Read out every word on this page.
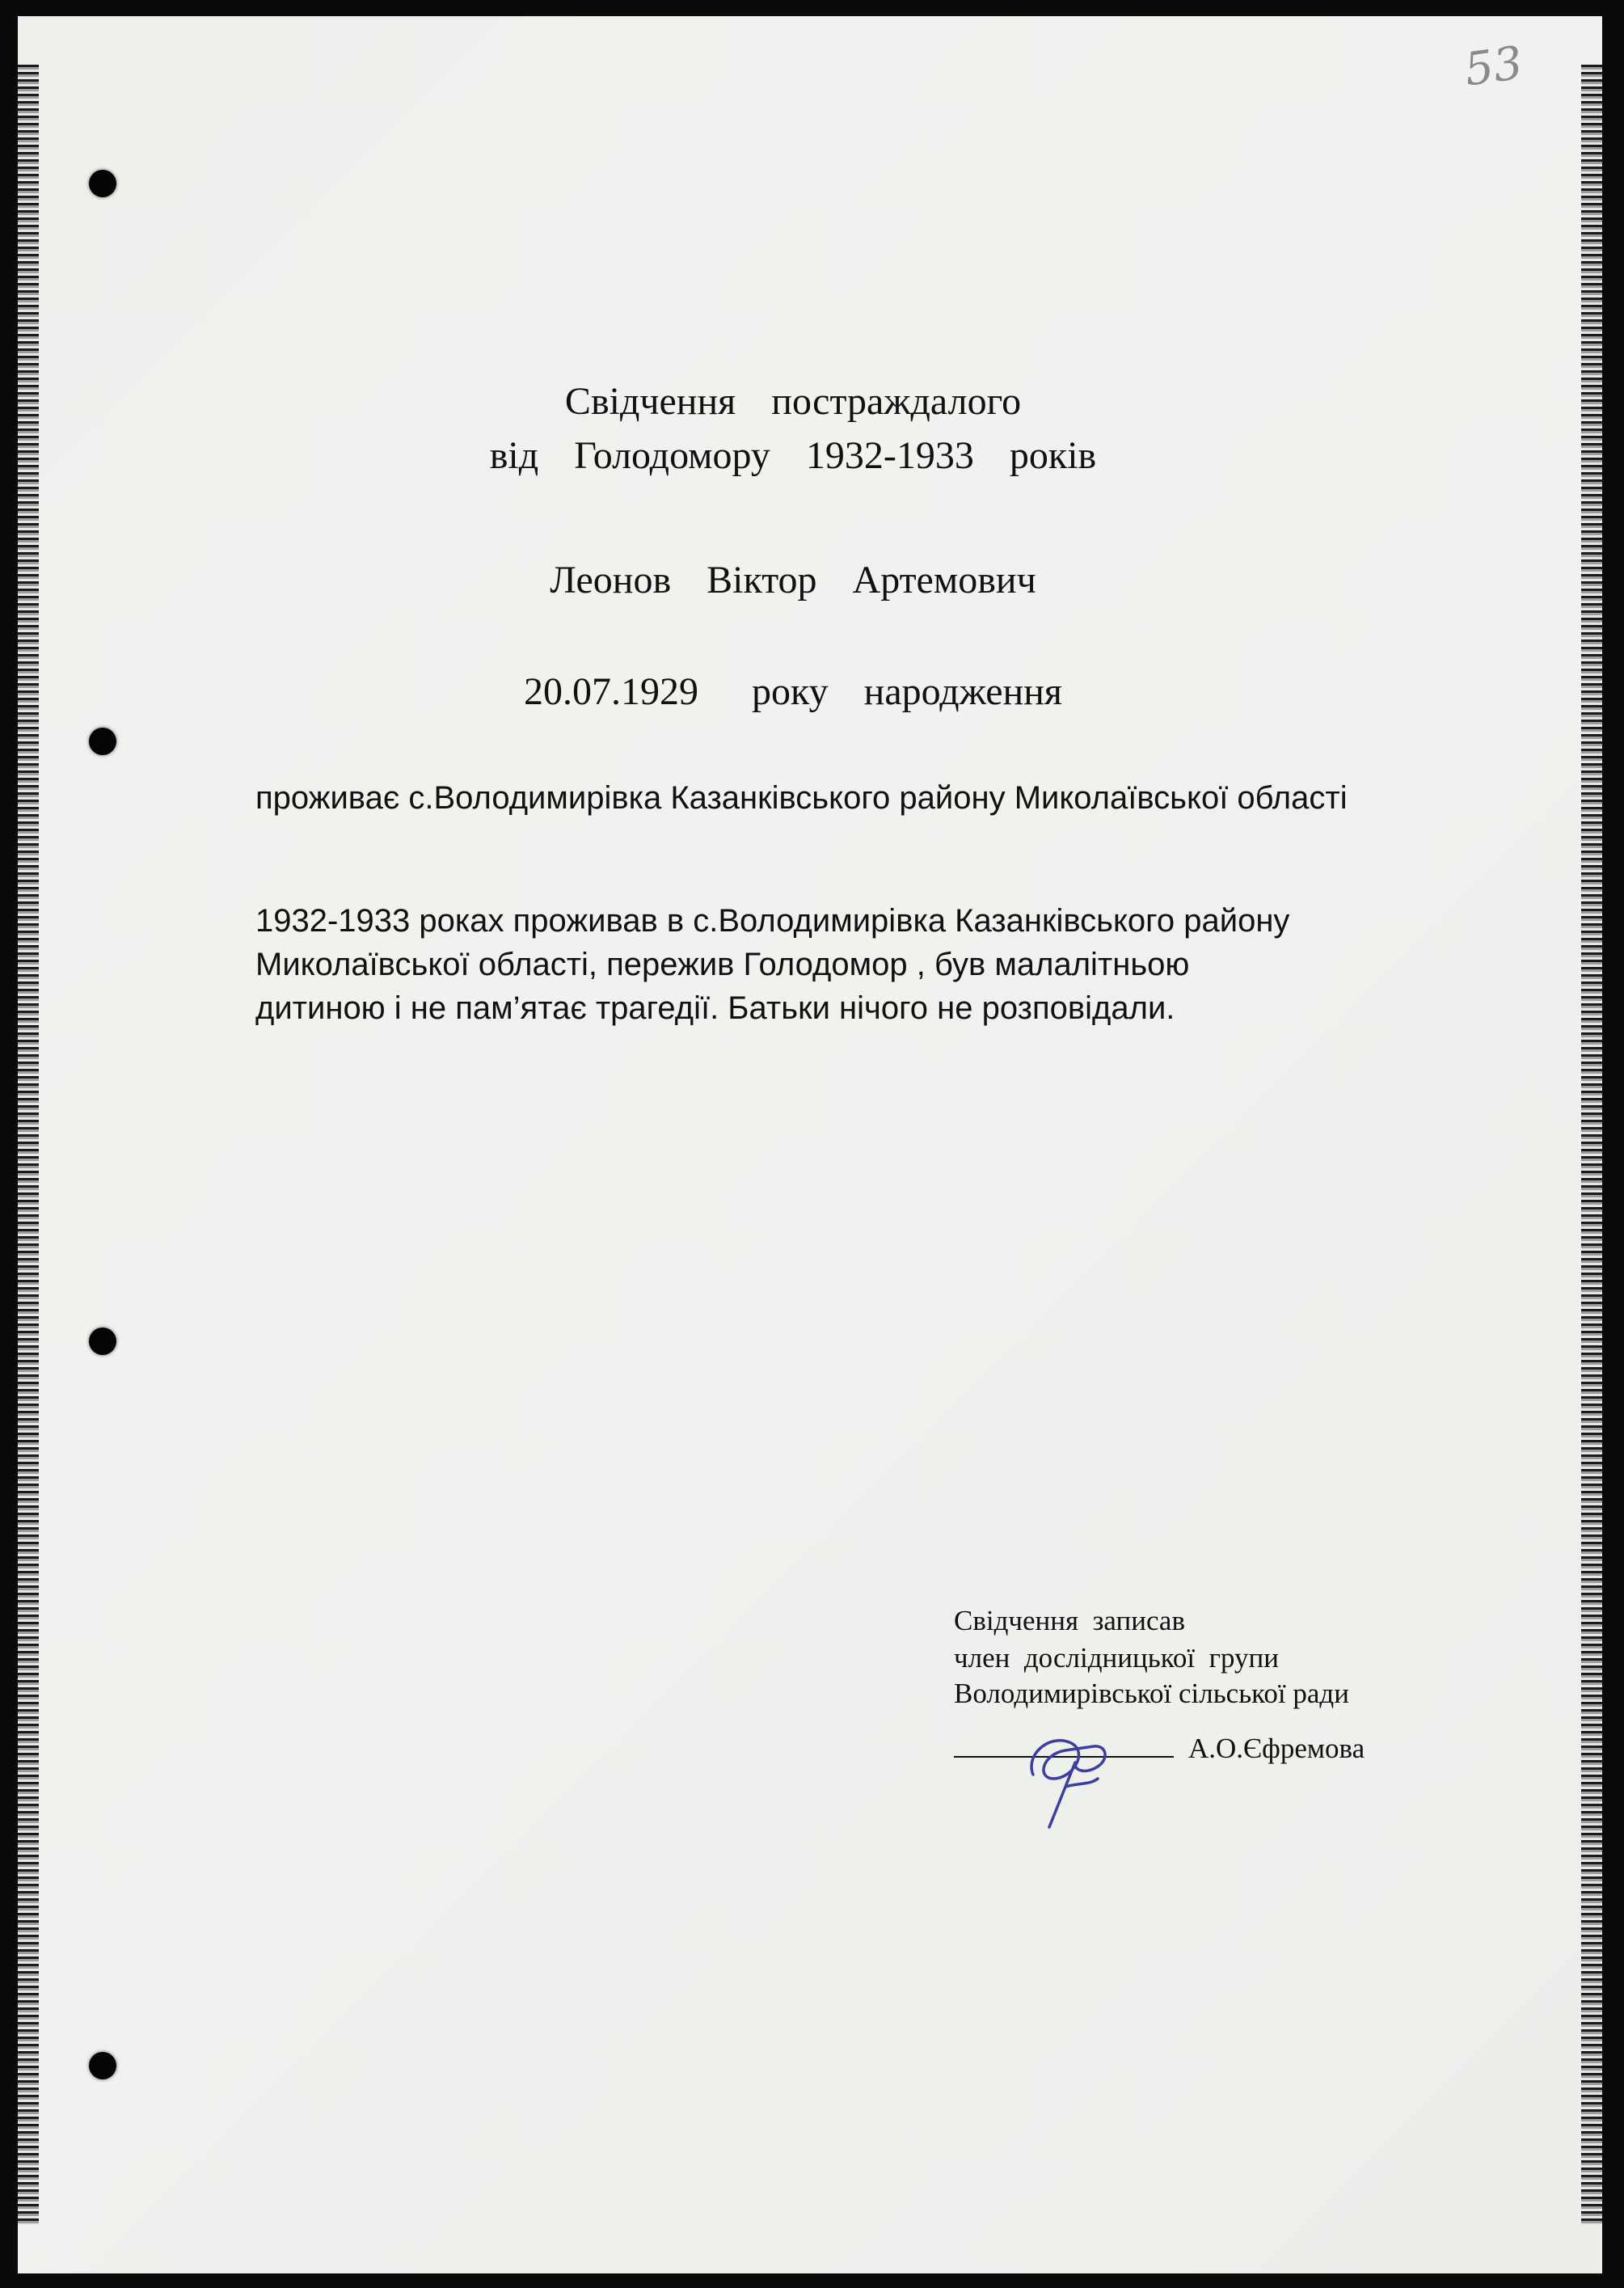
53
Свідчення  постраждалого
від  Голодомору  1932-1933  років
Леонов  Віктор  Артемович
20.07.1929   року  народження
проживає с.Володимирівка Казанківського району Миколаївської області
1932-1933 роках проживав в с.Володимирівка Казанківського району Миколаївської області, пережив Голодомор , був малалітньою дитиною і не пам’ятає трагедії. Батьки нічого не розповідали.
Свідчення  записав
член  дослідницької  групи
Володимирівської сільської ради
А.О.Єфремова
